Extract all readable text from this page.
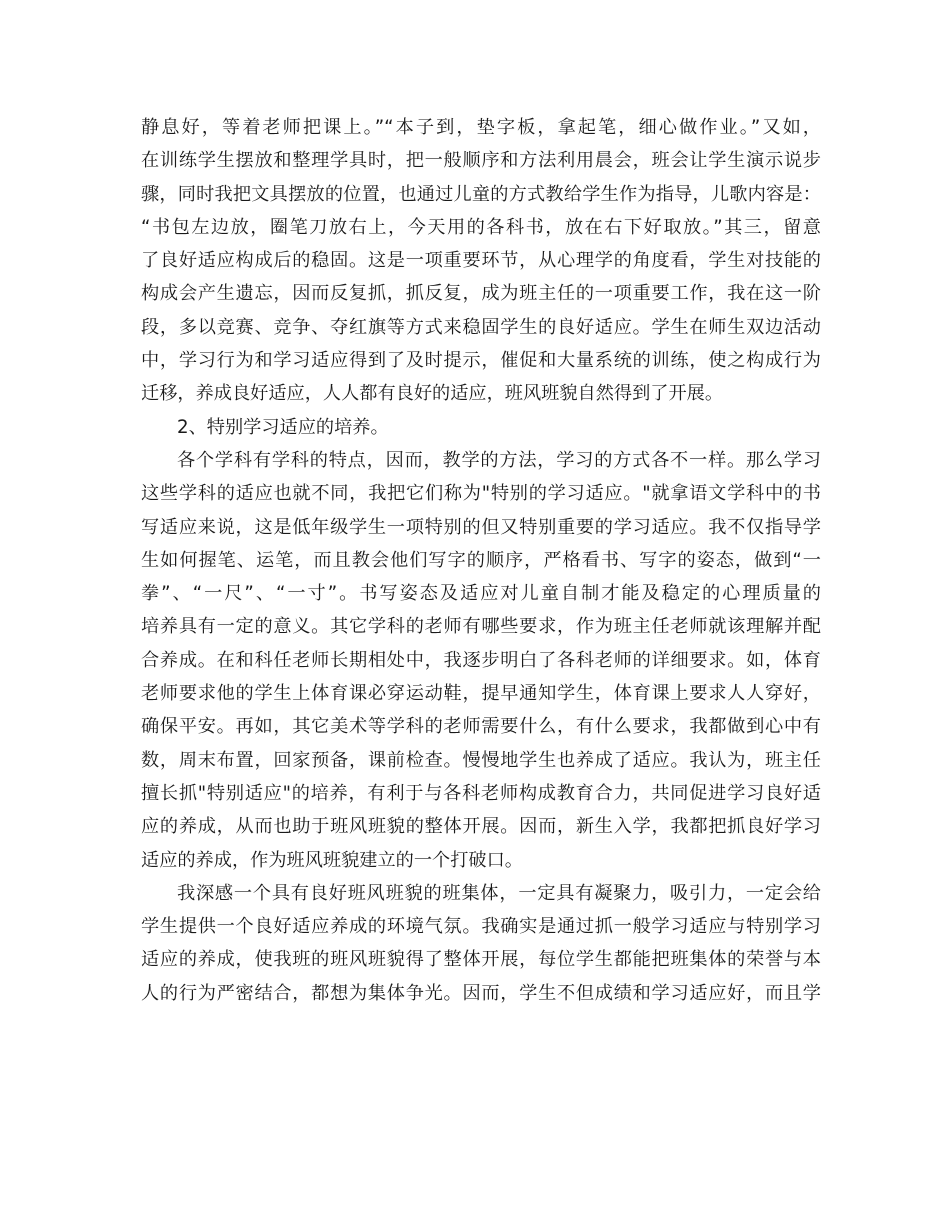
静息好，等着老师把课上。”“本子到，垫字板，拿起笔，细心做作业。”又如，
在训练学生摆放和整理学具时，把一般顺序和方法利用晨会，班会让学生演示说步
骤，同时我把文具摆放的位置，也通过儿童的方式教给学生作为指导，儿歌内容是：
“书包左边放，圈笔刀放右上，今天用的各科书，放在右下好取放。”其三，留意
了良好适应构成后的稳固。这是一项重要环节，从心理学的角度看，学生对技能的
构成会产生遗忘，因而反复抓，抓反复，成为班主任的一项重要工作，我在这一阶
段，多以竞赛、竞争、夺红旗等方式来稳固学生的良好适应。学生在师生双边活动
中，学习行为和学习适应得到了及时提示，催促和大量系统的训练，使之构成行为
迁移，养成良好适应，人人都有良好的适应，班风班貌自然得到了开展。
2、特别学习适应的培养。
各个学科有学科的特点，因而，教学的方法，学习的方式各不一样。那么学习
这些学科的适应也就不同，我把它们称为"特别的学习适应。"就拿语文学科中的书
写适应来说，这是低年级学生一项特别的但又特别重要的学习适应。我不仅指导学
生如何握笔、运笔，而且教会他们写字的顺序，严格看书、写字的姿态，做到“一
拳”、“一尺”、“一寸”。书写姿态及适应对儿童自制才能及稳定的心理质量的
培养具有一定的意义。其它学科的老师有哪些要求，作为班主任老师就该理解并配
合养成。在和科任老师长期相处中，我逐步明白了各科老师的详细要求。如，体育
老师要求他的学生上体育课必穿运动鞋，提早通知学生，体育课上要求人人穿好，
确保平安。再如，其它美术等学科的老师需要什么，有什么要求，我都做到心中有
数，周末布置，回家预备，课前检查。慢慢地学生也养成了适应。我认为，班主任
擅长抓"特别适应"的培养，有利于与各科老师构成教育合力，共同促进学习良好适
应的养成，从而也助于班风班貌的整体开展。因而，新生入学，我都把抓良好学习
适应的养成，作为班风班貌建立的一个打破口。
我深感一个具有良好班风班貌的班集体，一定具有凝聚力，吸引力，一定会给
学生提供一个良好适应养成的环境气氛。我确实是通过抓一般学习适应与特别学习
适应的养成，使我班的班风班貌得了整体开展，每位学生都能把班集体的荣誉与本
人的行为严密结合，都想为集体争光。因而，学生不但成绩和学习适应好，而且学
